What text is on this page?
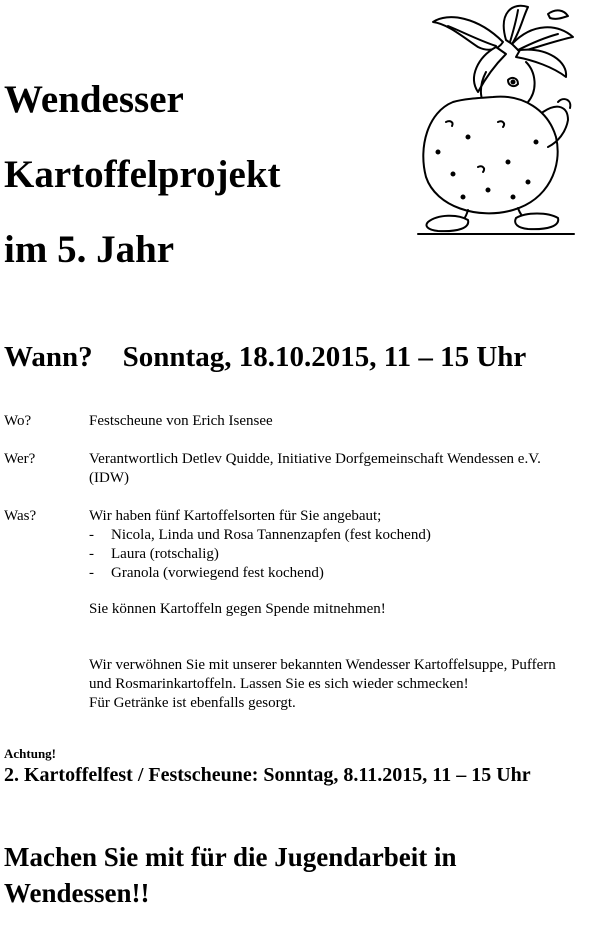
Wendesser
Kartoffelprojekt
im 5. Jahr
Wann? Sonntag, 18.10.2015, 11 – 15 Uhr
Wo?	Festscheune von Erich Isensee
Wer?	Verantwortlich Detlev Quidde, Initiative Dorfgemeinschaft Wendessen e.V.
(IDW)
Was?	Wir haben fünf Kartoffelsorten für Sie angebaut;
- Nicola, Linda und Rosa Tannenzapfen (fest kochend)
- Laura (rotschalig)
- Granola (vorwiegend fest kochend)
Sie können Kartoffeln gegen Spende mitnehmen!
Wir verwöhnen Sie mit unserer bekannten Wendesser Kartoffelsuppe, Puffern
und Rosmarinkartoffeln. Lassen Sie es sich wieder schmecken!
Für Getränke ist ebenfalls gesorgt.
Achtung!
2. Kartoffelfest / Festscheune: Sonntag, 8.11.2015, 11 – 15 Uhr
Machen Sie mit für die Jugendarbeit in
Wendessen!!
